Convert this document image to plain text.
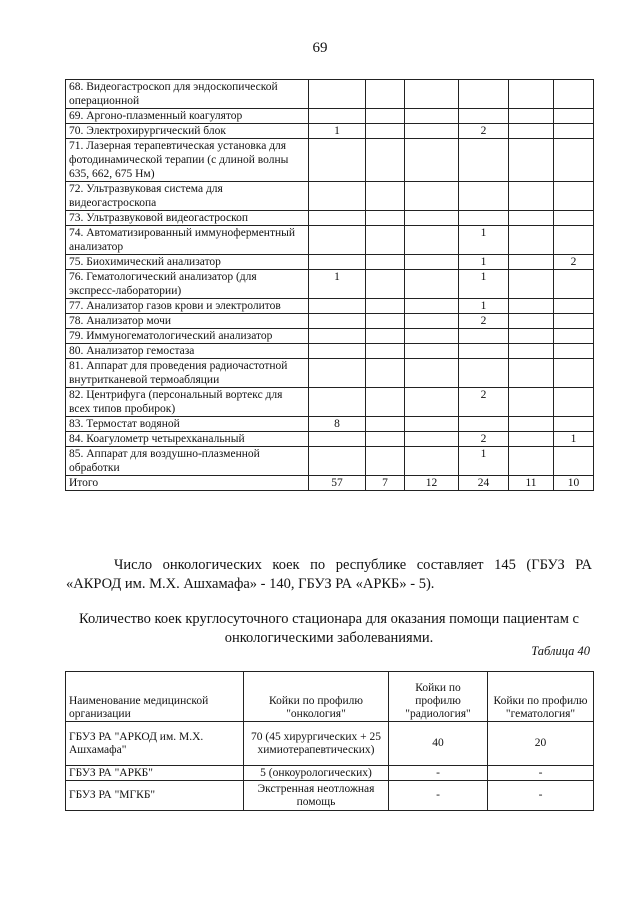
69
68. Видеогастроскоп для эндоскопической операционной						
69. Аргоно-плазменный коагулятор						
70. Электрохирургический блок	1			2		
71. Лазерная терапевтическая установка для фотодинамической терапии (с длиной волны 635, 662, 675 Нм)						
72. Ультразвуковая система для видеогастроскопа						
73. Ультразвуковой видеогастроскоп						
74. Автоматизированный иммуноферментный анализатор				1		
75. Биохимический анализатор				1		2
76. Гематологический анализатор (для экспресс-лаборатории)	1			1		
77. Анализатор газов крови и электролитов				1		
78. Анализатор мочи				2		
79. Иммуногематологический анализатор						
80. Анализатор гемостаза						
81. Аппарат для проведения радиочастотной внутритканевой термоабляции						
82. Центрифуга (персональный вортекс для всех типов пробирок)				2		
83. Термостат водяной	8					
84. Коагулометр четырехканальный				2		1
85. Аппарат для воздушно-плазменной обработки				1		
Итого	57	7	12	24	11	10
Число онкологических коек по республике составляет 145 (ГБУЗ РА «АКРОД им. М.Х. Ашхамафа» - 140, ГБУЗ РА «АРКБ» - 5).
Количество коек круглосуточного стационара для оказания помощи пациентам с онкологическими заболеваниями.
Таблица 40
Наименование медицинской организации	Койки по профилю "онкология"	Койки по профилю "радиология"	Койки по профилю "гематология"
ГБУЗ РА "АРКОД им. М.Х. Ашхамафа"	70 (45 хирургических + 25 химиотерапевтических)	40	20
ГБУЗ РА "АРКБ"	5 (онкоурологических)	-	-
ГБУЗ РА "МГКБ"	Экстренная неотложная помощь	-	-
